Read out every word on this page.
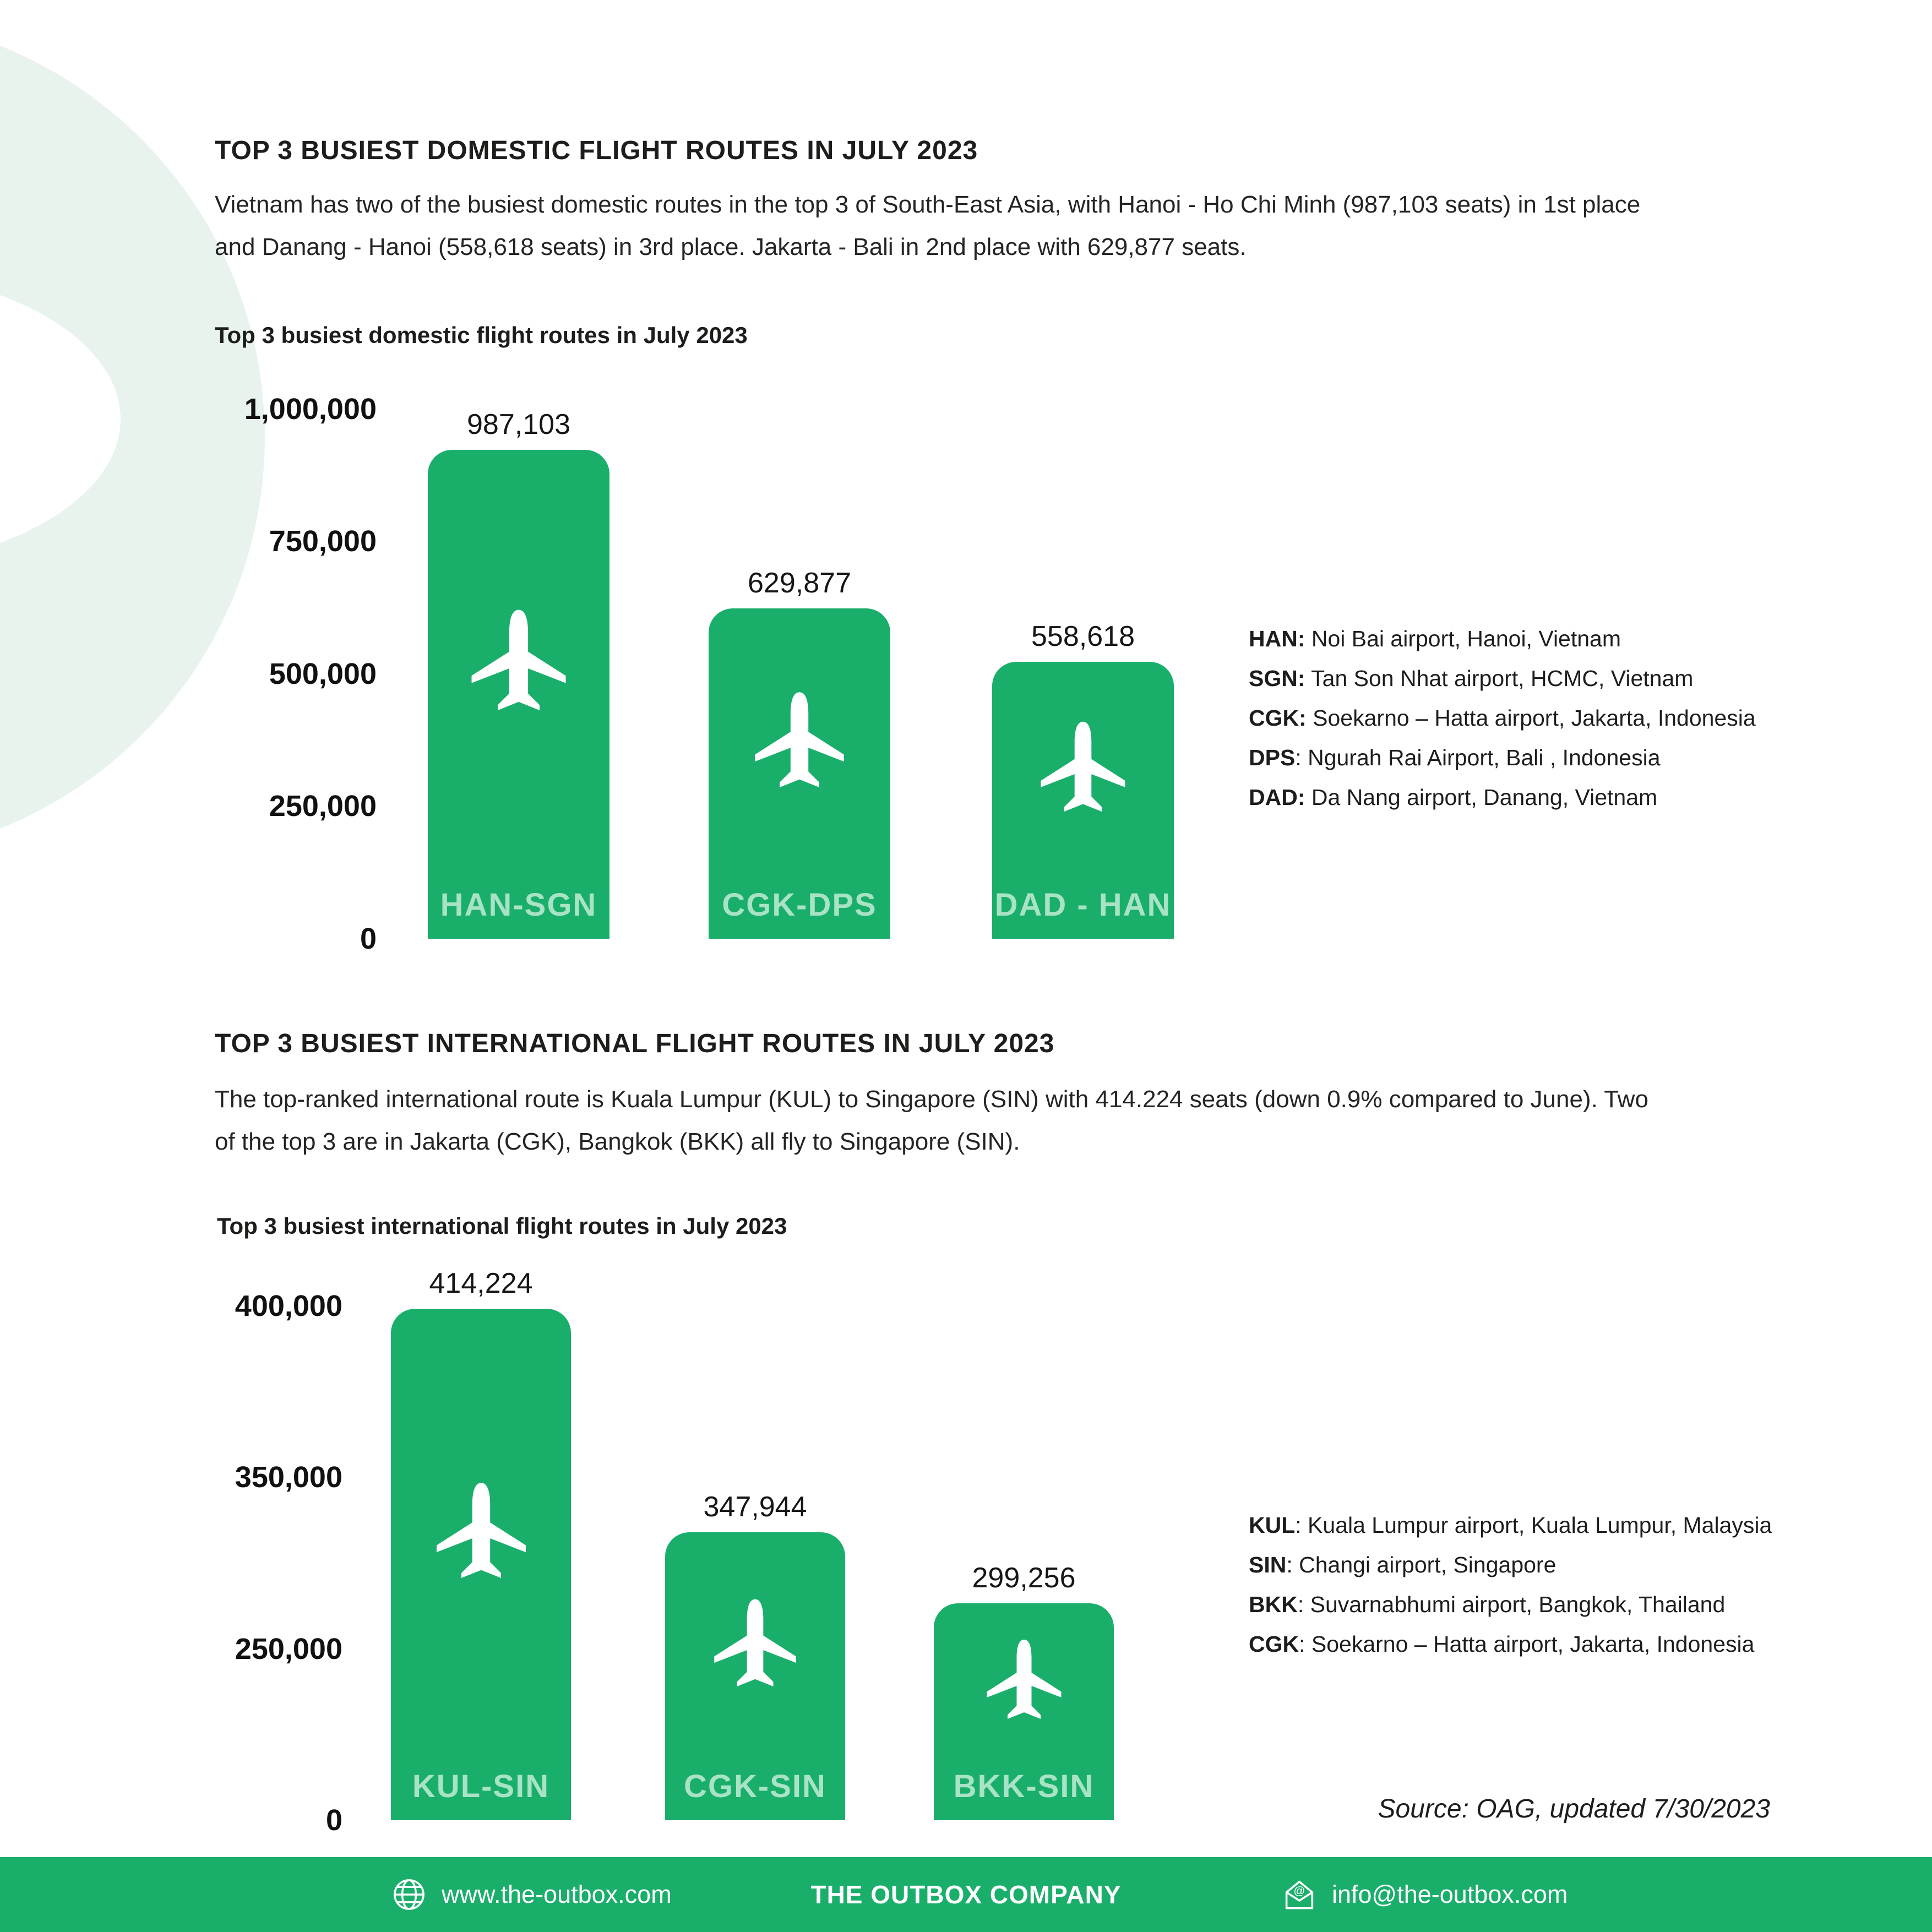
TOP 3 BUSIEST DOMESTIC FLIGHT ROUTES IN JULY 2023
Vietnam has two of the busiest domestic routes in the top 3 of South-East Asia, with Hanoi - Ho Chi Minh (987,103 seats) in 1st place
and Danang - Hanoi (558,618 seats) in 3rd place. Jakarta - Bali in 2nd place with 629,877 seats.
Top 3 busiest domestic flight routes in July 2023
1,000,000
750,000
500,000
250,000
0
987,103
HAN-SGN
629,877
CGK-DPS
558,618
DAD - HAN
HAN: Noi Bai airport, Hanoi, Vietnam
SGN: Tan Son Nhat airport, HCMC, Vietnam
CGK: Soekarno – Hatta airport, Jakarta, Indonesia
DPS: Ngurah Rai Airport, Bali , Indonesia
DAD: Da Nang airport, Danang, Vietnam
TOP 3 BUSIEST INTERNATIONAL FLIGHT ROUTES IN JULY 2023
The top-ranked international route is Kuala Lumpur (KUL) to Singapore (SIN) with 414.224 seats (down 0.9% compared to June). Two
of the top 3 are in Jakarta (CGK), Bangkok (BKK) all fly to Singapore (SIN).
Top 3 busiest international flight routes in July 2023
400,000
350,000
250,000
0
414,224
KUL-SIN
347,944
CGK-SIN
299,256
BKK-SIN
KUL: Kuala Lumpur airport, Kuala Lumpur, Malaysia
SIN: Changi airport, Singapore
BKK: Suvarnabhumi airport, Bangkok, Thailand
CGK: Soekarno – Hatta airport, Jakarta, Indonesia
Source: OAG, updated 7/30/2023
THE OUTBOX COMPANY
www.the-outbox.com	@ info@the-outbox.com
